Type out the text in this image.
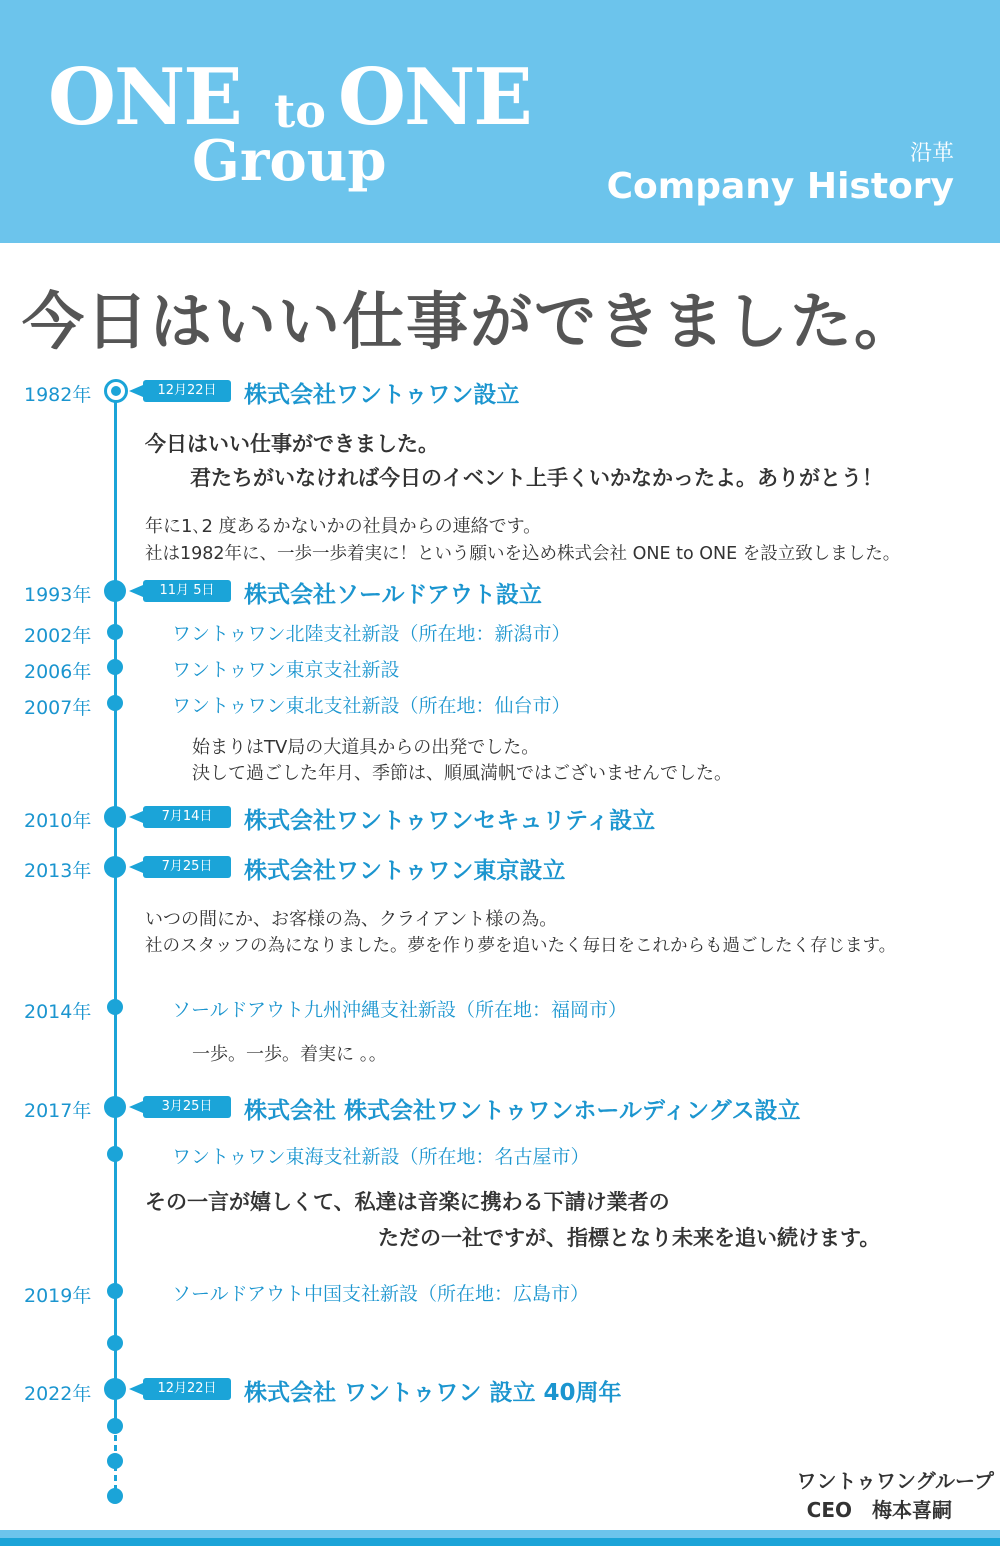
ONE to ONE
Group	沿革
Company History
今日はいい仕事ができました。
1982年	12月22日	株式会社ワントゥワン設立
今日はいい仕事ができました。
君たちがいなければ今日のイベント上手くいかなかったよ。ありがとう！
年に1､2 度あるかないかの社員からの連絡です。
社は1982年に、一歩一歩着実に！という願いを込め株式会社 ONE to ONE を設立致しました。
1993年	11月 5日	株式会社ソールドアウト設立
2002年	ワントゥワン北陸支社新設（所在地：新潟市）
2006年	ワントゥワン東京支社新設
2007年	ワントゥワン東北支社新設（所在地：仙台市）
始まりはTV局の大道具からの出発でした。
決して過ごした年月、季節は、順風満帆ではございませんでした。
2010年	7月14日	株式会社ワントゥワンセキュリティ設立
2013年	7月25日	株式会社ワントゥワン東京設立
いつの間にか、お客様の為、クライアント様の為。
社のスタッフの為になりました。夢を作り夢を追いたく毎日をこれからも過ごしたく存じます。
2014年	ソールドアウト九州沖縄支社新設（所在地：福岡市）
一歩。一歩。着実に 。。
2017年	3月25日	株式会社 株式会社ワントゥワンホールディングス設立
ワントゥワン東海支社新設（所在地：名古屋市）
その一言が嬉しくて、私達は音楽に携わる下請け業者の
ただの一社ですが、指標となり未来を追い続けます。
2019年	ソールドアウト中国支社新設（所在地：広島市）
2022年	12月22日	株式会社 ワントゥワン 設立 40周年
ワントゥワングループ
CEO　梅本喜嗣
